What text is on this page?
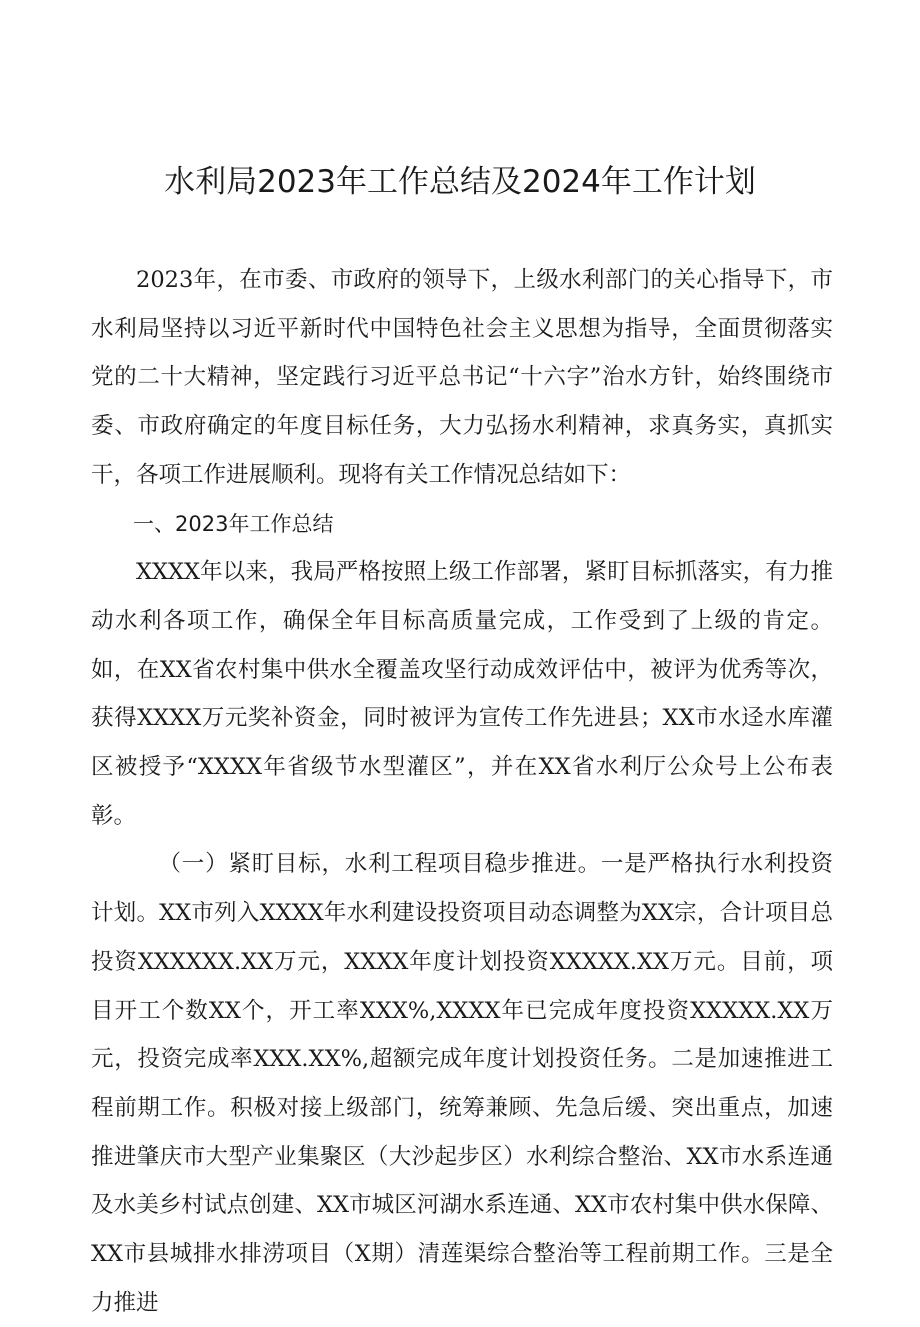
水利局2023年工作总结及2024年工作计划

2023年，在市委、市政府的领导下，上级水利部门的关心指导下，市水利局坚持以习近平新时代中国特色社会主义思想为指导，全面贯彻落实党的二十大精神，坚定践行习近平总书记“十六字”治水方针，始终围绕市委、市政府确定的年度目标任务，大力弘扬水利精神，求真务实，真抓实干，各项工作进展顺利。现将有关工作情况总结如下：

一、2023年工作总结

XXXX年以来，我局严格按照上级工作部署，紧盯目标抓落实，有力推动水利各项工作，确保全年目标高质量完成，工作受到了上级的肯定。如，在XX省农村集中供水全覆盖攻坚行动成效评估中，被评为优秀等次，获得XXXX万元奖补资金，同时被评为宣传工作先进县；XX市水迳水库灌区被授予“XXXX年省级节水型灌区”，并在XX省水利厅公众号上公布表彰。

（一）紧盯目标，水利工程项目稳步推进。一是严格执行水利投资计划。XX市列入XXXX年水利建设投资项目动态调整为XX宗，合计项目总投资XXXXXX.XX万元，XXXX年度计划投资XXXXX.XX万元。目前，项目开工个数XX个，开工率XXX%,XXXX年已完成年度投资XXXXX.XX万元，投资完成率XXX.XX%,超额完成年度计划投资任务。二是加速推进工程前期工作。积极对接上级部门，统筹兼顾、先急后缓、突出重点，加速推进肇庆市大型产业集聚区（大沙起步区）水利综合整治、XX市水系连通及水美乡村试点创建、XX市城区河湖水系连通、XX市农村集中供水保障、XX市县城排水排涝项目（X期）清莲渠综合整治等工程前期工作。三是全力推进
